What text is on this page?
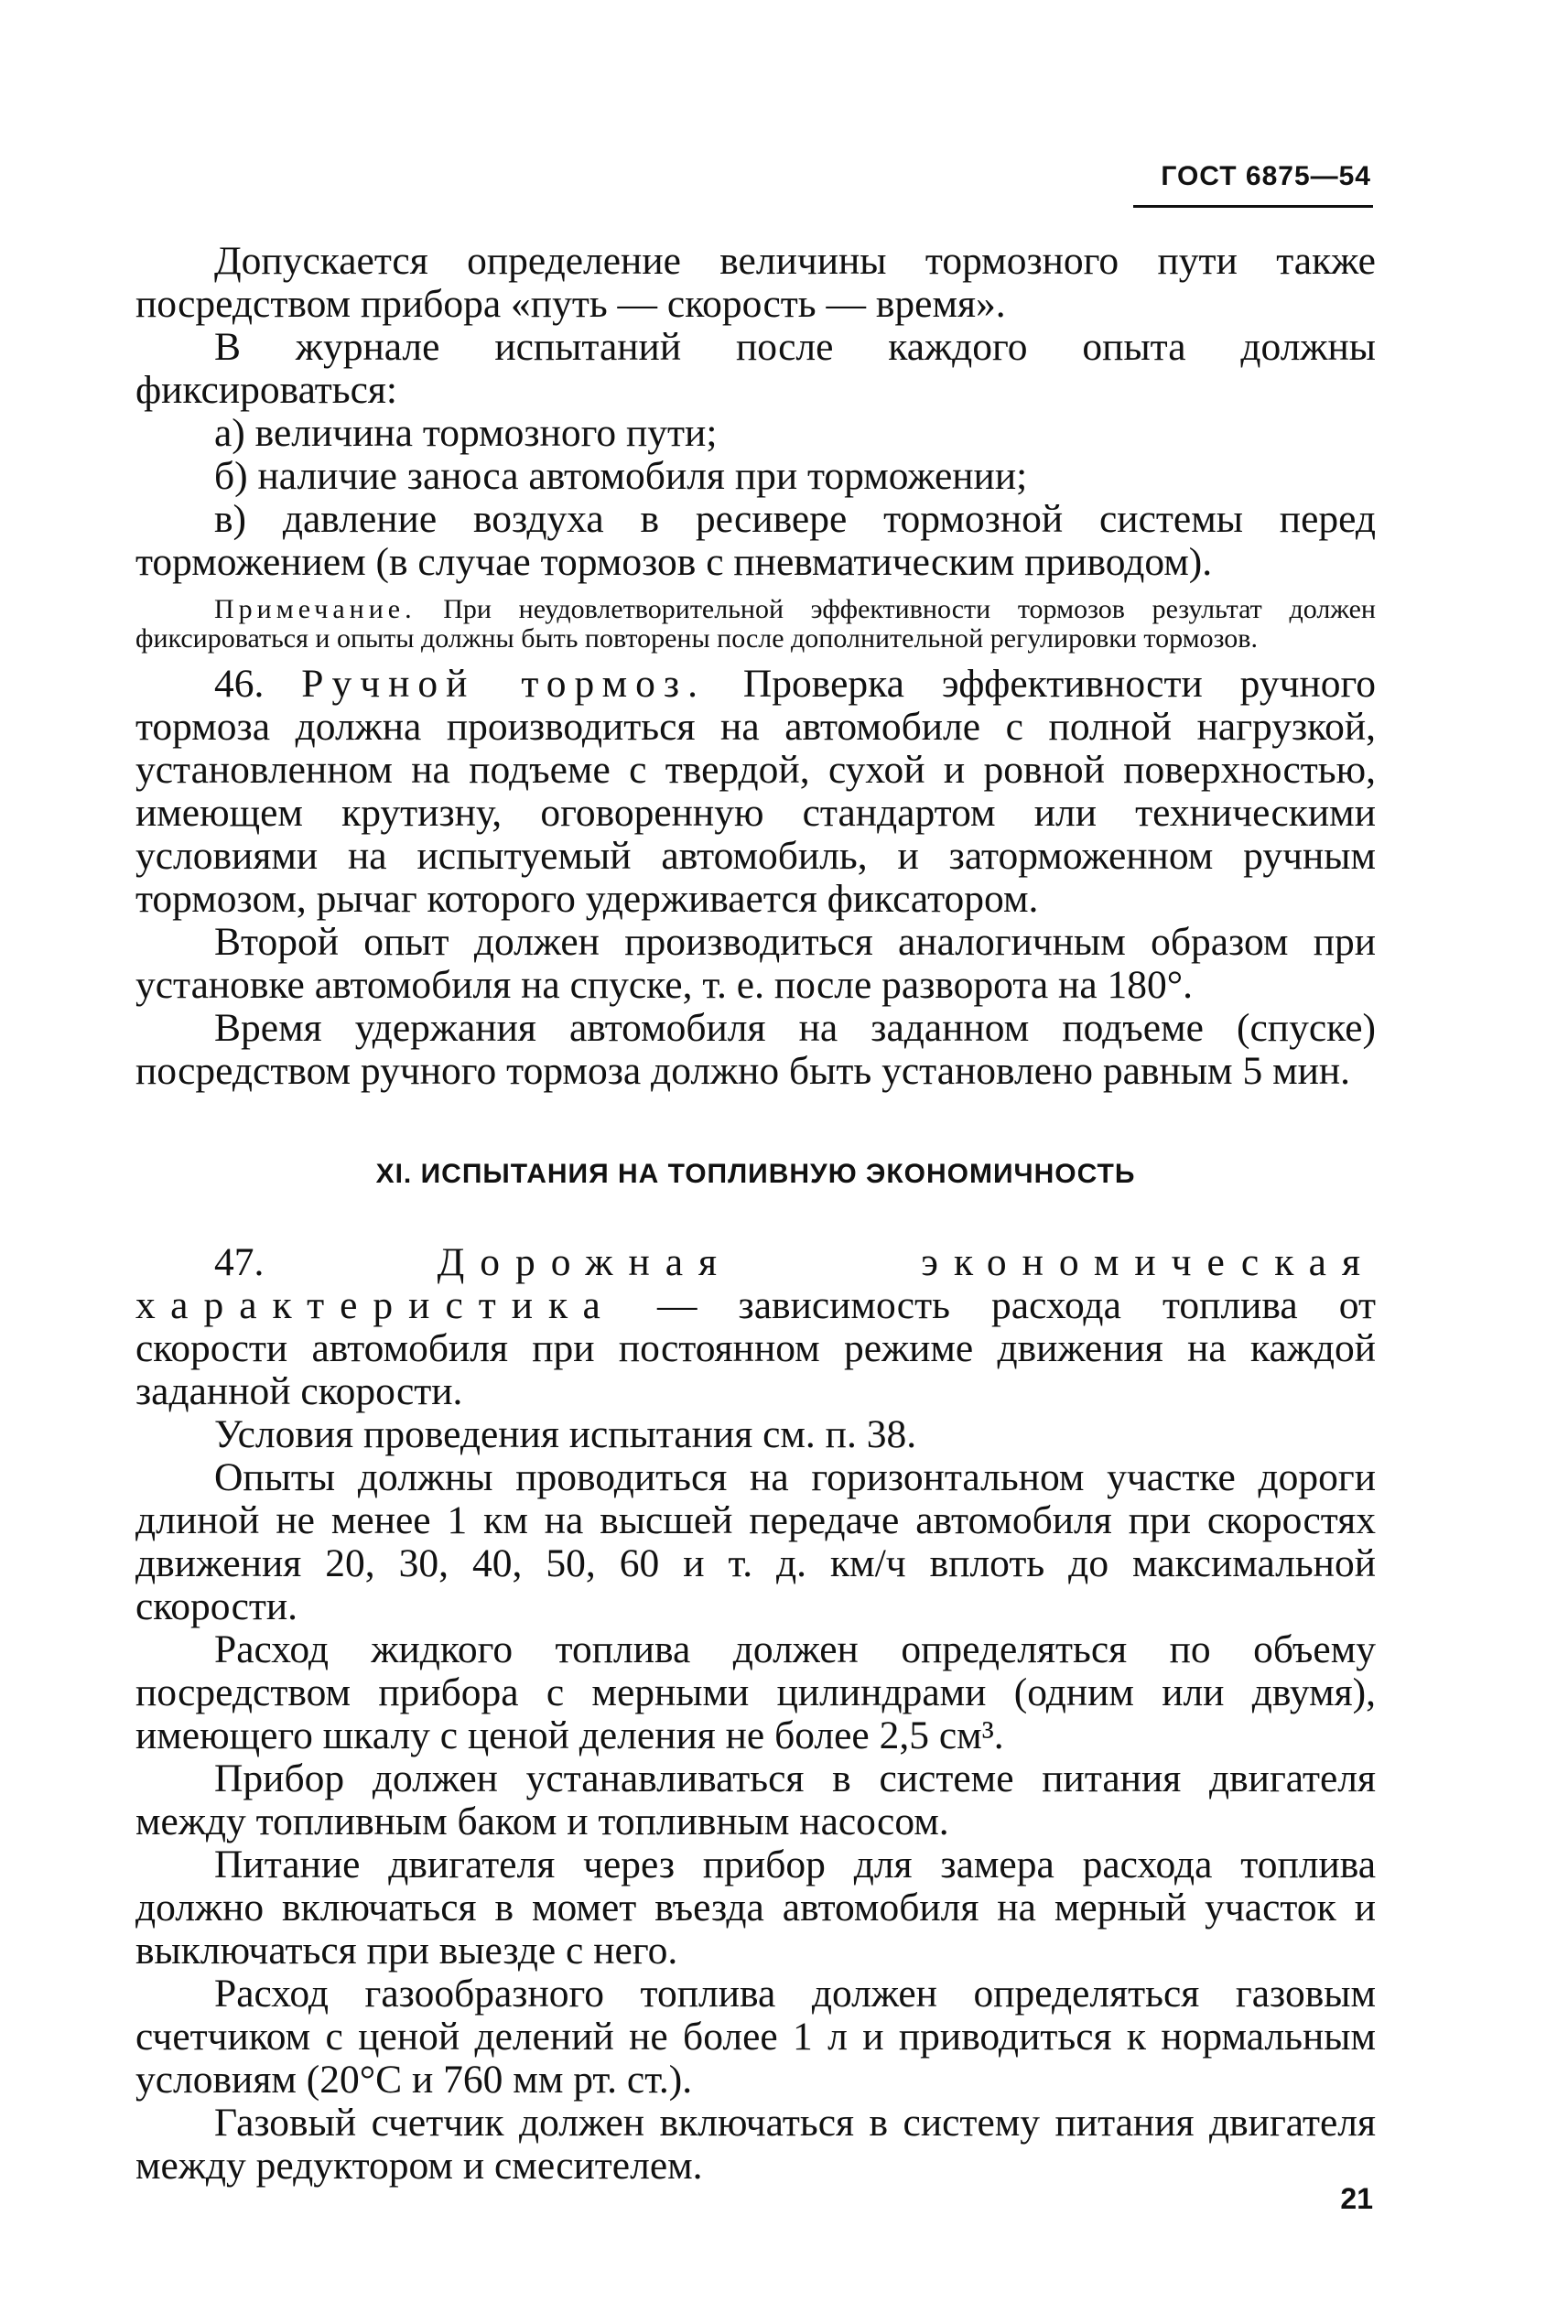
ГОСТ 6875—54

Допускается определение величины тормозного пути также посредством прибора «путь — скорость — время».

В журнале испытаний после каждого опыта должны фиксироваться:

а) величина тормозного пути;

б) наличие заноса автомобиля при торможении;

в) давление воздуха в ресивере тормозной системы перед торможением (в случае тормозов с пневматическим приводом).

Примечание. При неудовлетворительной эффективности тормозов результат должен фиксироваться и опыты должны быть повторены после дополнительной регулировки тормозов.

46. Ручной тормоз. Проверка эффективности ручного тормоза должна производиться на автомобиле с полной нагрузкой, установленном на подъеме с твердой, сухой и ровной поверхностью, имеющем крутизну, оговоренную стандартом или техническими условиями на испытуемый автомобиль, и заторможенном ручным тормозом, рычаг которого удерживается фиксатором.

Второй опыт должен производиться аналогичным образом при установке автомобиля на спуске, т. е. после разворота на 180°.

Время удержания автомобиля на заданном подъеме (спуске) посредством ручного тормоза должно быть установлено равным 5 мин.

XI. ИСПЫТАНИЯ НА ТОПЛИВНУЮ ЭКОНОМИЧНОСТЬ

47.	Дорожная экономическая характеристика — зависимость расхода топлива от скорости автомобиля при постоянном режиме движения на каждой заданной скорости.

Условия проведения испытания см. п. 38.

Опыты должны проводиться на горизонтальном участке дороги длиной не менее 1 км на высшей передаче автомобиля при скоростях движения 20, 30, 40, 50, 60 и т. д. км/ч вплоть до максимальной скорости.

Расход жидкого топлива должен определяться по объему посредством прибора с мерными цилиндрами (одним или двумя), имеющего шкалу с ценой деления не более 2,5 см³.

Прибор должен устанавливаться в системе питания двигателя между топливным баком и топливным насосом.

Питание двигателя через прибор для замера расхода топлива должно включаться в момет въезда автомобиля на мерный участок и выключаться при выезде с него.

Расход газообразного топлива должен определяться газовым счетчиком с ценой делений не более 1 л и приводиться к нормальным условиям (20°С и 760 мм рт. ст.).

Газовый счетчик должен включаться в систему питания двигателя между редуктором и смесителем.

21
